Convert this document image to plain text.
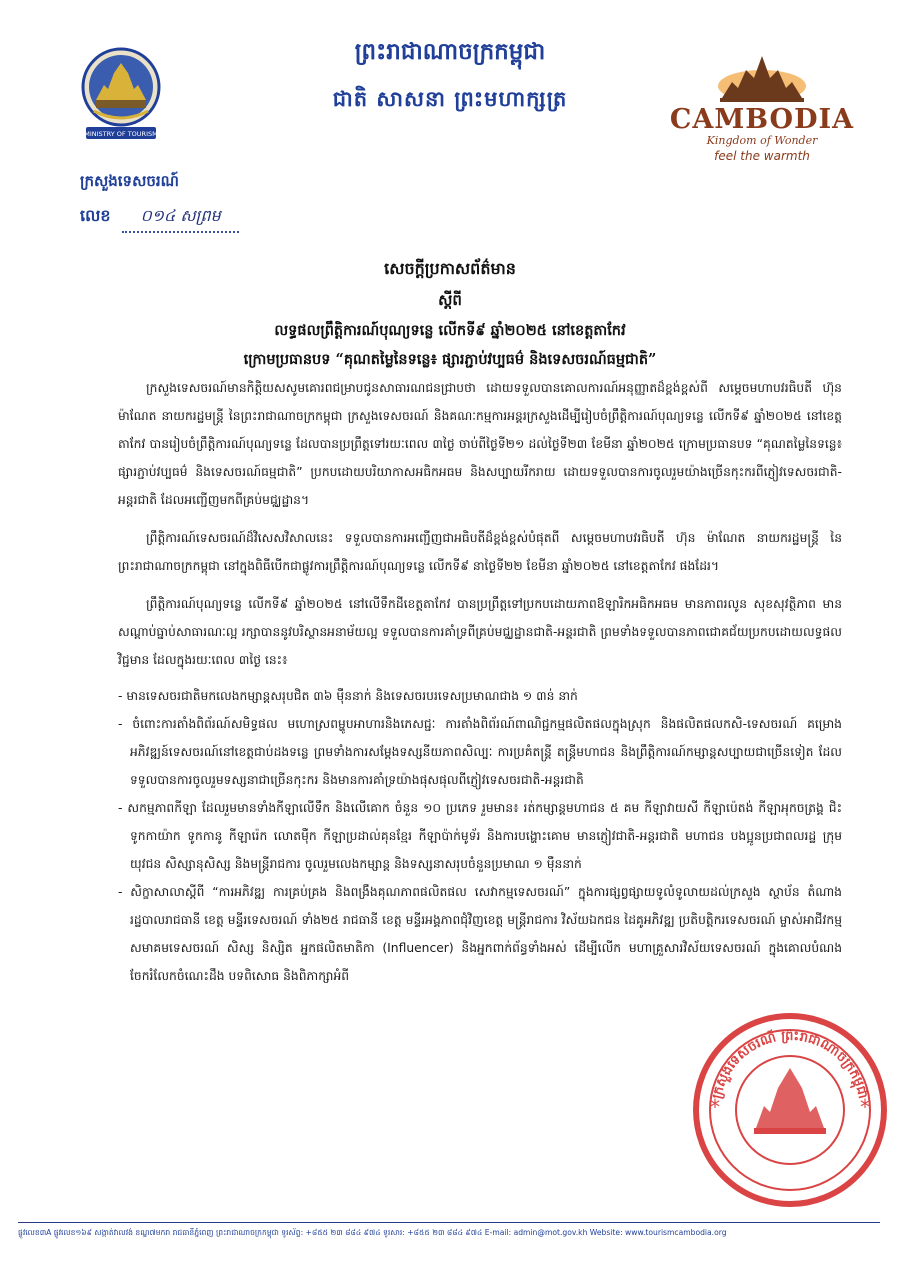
MINISTRY OF TOURISM
ព្រះរាជាណាចក្រកម្ពុជា
ជាតិ សាសនា ព្រះមហាក្សត្រ
CAMBODIA
Kingdom of Wonder
feel the warmth
ក្រសួងទេសចរណ៍
លេខ ០១៤ សព្រម
សេចក្តីប្រកាសព័ត៌មាន
ស្តីពី
លទ្ធផលព្រឹត្តិការណ៍បុណ្យទន្លេ លើកទី៩ ឆ្នាំ២០២៥ នៅខេត្តតាកែវ
ក្រោមប្រធានបទ “គុណតម្លៃនៃទន្លេ៖ ផ្សារភ្ជាប់វប្បធម៌ និងទេសចរណ៍ធម្មជាតិ”

ក្រសួងទេសចរណ៍មានកិត្តិយសសូមគោរពជម្រាបជូនសាធារណជនជ្រាបថា ដោយទទួលបានគោលការណ៍អនុញ្ញាតដ៏ខ្ពង់ខ្ពស់ពី សម្តេចមហាបវរធិបតី ហ៊ុន ម៉ាណែត នាយករដ្ឋមន្ត្រី នៃព្រះរាជាណាចក្រកម្ពុជា ក្រសួងទេសចរណ៍ និងគណៈកម្មការអន្តរក្រសួងដើម្បីរៀបចំព្រឹត្តិការណ៍បុណ្យទន្លេ លើកទី៩ ឆ្នាំ២០២៥ នៅខេត្តតាកែវ បានរៀបចំព្រឹត្តិការណ៍បុណ្យទន្លេ ដែលបានប្រព្រឹត្តទៅរយៈពេល ៣ថ្ងៃ ចាប់ពីថ្ងៃទី២១ ដល់ថ្ងៃទី២៣ ខែមីនា ឆ្នាំ២០២៥ ក្រោមប្រធានបទ “គុណតម្លៃនៃទន្លេ៖ ផ្សារភ្ជាប់វប្បធម៌ និងទេសចរណ៍ធម្មជាតិ” ប្រកបដោយបរិយាកាសអធិកអធម និងសប្បាយរីករាយ ដោយទទួលបានការចូលរួមយ៉ាងច្រើនកុះករពីភ្ញៀវទេសចរជាតិ-អន្តរជាតិ ដែលអញ្ជើញមកពីគ្រប់មជ្ឈដ្ឋាន។

ព្រឹត្តិការណ៍ទេសចរណ៍ដ៏វិសេសវិសាលនេះ ទទួលបានការអញ្ជើញជាអធិបតីដ៏ខ្ពង់ខ្ពស់បំផុតពី សម្តេចមហាបវរធិបតី ហ៊ុន ម៉ាណែត នាយករដ្ឋមន្ត្រី នៃព្រះរាជាណាចក្រកម្ពុជា នៅក្នុងពិធីបើកជាផ្លូវការព្រឹត្តិការណ៍បុណ្យទន្លេ លើកទី៩ នាថ្ងៃទី២២ ខែមីនា ឆ្នាំ២០២៥ នៅខេត្តតាកែវ ផងដែរ។

ព្រឹត្តិការណ៍បុណ្យទន្លេ លើកទី៩ ឆ្នាំ២០២៥ នៅលើទឹកដីខេត្តតាកែវ បានប្រព្រឹត្តទៅប្រកបដោយភាពឱឡារិកអធិកអធម មានភាពរលូន សុខសុវត្ថិភាព មានសណ្តាប់ធ្នាប់សាធារណៈល្អ រក្សាបាននូវបរិស្ថានអនាម័យល្អ ទទួលបានការគាំទ្រពីគ្រប់មជ្ឈដ្ឋានជាតិ-អន្តរជាតិ ព្រមទាំងទទួលបានភាពជោគជ័យប្រកបដោយលទ្ធផលវិជ្ជមាន ដែលក្នុងរយៈពេល ៣ថ្ងៃ នេះ៖

- មានទេសចរជាតិមកលេងកម្សាន្តសរុបជិត ៣៦ ម៉ឺននាក់ និងទេសចរបរទេសប្រមាណជាង ១ ៣ន់ នាក់

- ចំពោះការតាំងពិព័រណ៍សមិទ្ធផល មហោស្រពម្ហូបអាហារនិងភេសជ្ជៈ ការតាំងពិព័រណ៍ពាណិជ្ជកម្មផលិតផលក្នុងស្រុក និងផលិតផលកសិ-ទេសចរណ៍ គម្រោងអភិវឌ្ឍន៍ទេសចរណ៍នៅខេត្តជាប់ដងទន្លេ ព្រមទាំងការសម្តែងទស្សនីយភាពសិល្បៈ ការប្រគំតន្ត្រី តន្ត្រីមហាជន និងព្រឹត្តិការណ៍កម្សាន្តសប្បាយជាច្រើនទៀត ដែលទទួលបានការចូលរួមទស្សនាជាច្រើនកុះករ និងមានការគាំទ្រយ៉ាងផុសផុលពីភ្ញៀវទេសចរជាតិ-អន្តរជាតិ

- សកម្មភាពកីឡា ដែលរួមមានទាំងកីឡាលើទឹក និងលើគោក ចំនួន ១០ ប្រភេទ រួមមាន៖ រត់កម្សាន្តមហាជន ៥ គម កីឡាវាយសី កីឡាប៉េតង់ កីឡាអុកចត្រង្គ ជិះទូកកាយ៉ាក ទូកកានូ កីឡារ៉េក លោតម៉ឺក កីឡាប្រដាល់គុនខ្មែរ កីឡាប៉ាក់មូទ័រ និងការបង្ហោះគោម មានភ្ញៀវជាតិ-អន្តរជាតិ មហាជន បងប្អូនប្រជាពលរដ្ឋ ក្រុមយុវជន សិស្សានុសិស្ស និងមន្ត្រីរាជការ ចូលរួមលេងកម្សាន្ត និងទស្សនាសរុបចំនួនប្រមាណ ១ ម៉ឺននាក់

- សិក្ខាសាលាស្តីពី “ការអភិវឌ្ឍ ការគ្រប់គ្រង និងពង្រឹងគុណភាពផលិតផល សេវាកម្មទេសចរណ៍” ក្នុងការផ្សព្វផ្សាយទូលំទូលាយដល់ក្រសួង ស្ថាប័ន តំណាងរដ្ឋបាលរាជធានី ខេត្ត មន្ទីរទេសចរណ៍ ទាំង២៥ រាជធានី ខេត្ត មន្ទីរអង្គភាពជុំវិញខេត្ត មន្ត្រីរាជការ វិស័យឯកជន ដៃគូអភិវឌ្ឍ ប្រតិបត្តិករទេសចរណ៍ ម្ចាស់អាជីវកម្ម សមាគមទេសចរណ៍ សិស្ស និស្សិត អ្នកផលិតមាតិកា (Influencer) និងអ្នកពាក់ព័ន្ធទាំងអស់ ដើម្បីលើក មហាគ្រួសារវិស័យទេសចរណ៍ ក្នុងគោលបំណងចែករំលែកចំណេះដឹង បទពិសោធ និងពិភាក្សាអំពី

*	*
ក្រសួងទេសចរណ៍ ព្រះរាជាណាចក្រកម្ពុជា
ផ្លូវលេខ៣A ផ្លូវលេខ១៦៩ សង្កាត់វាលវង់ ខណ្ឌ៧មករា រាជធានីភ្នំពេញ ព្រះរាជាណាចក្រកម្ពុជា ទូរស័ព្ទ: +៨៥៥ ២៣ ៨៨៤ ៩៧៤ ទូរសារ: +៨៥៥ ២៣ ៨៨៤ ៩៧៤ E-mail: admin@mot.gov.kh Website: www.tourismcambodia.org
